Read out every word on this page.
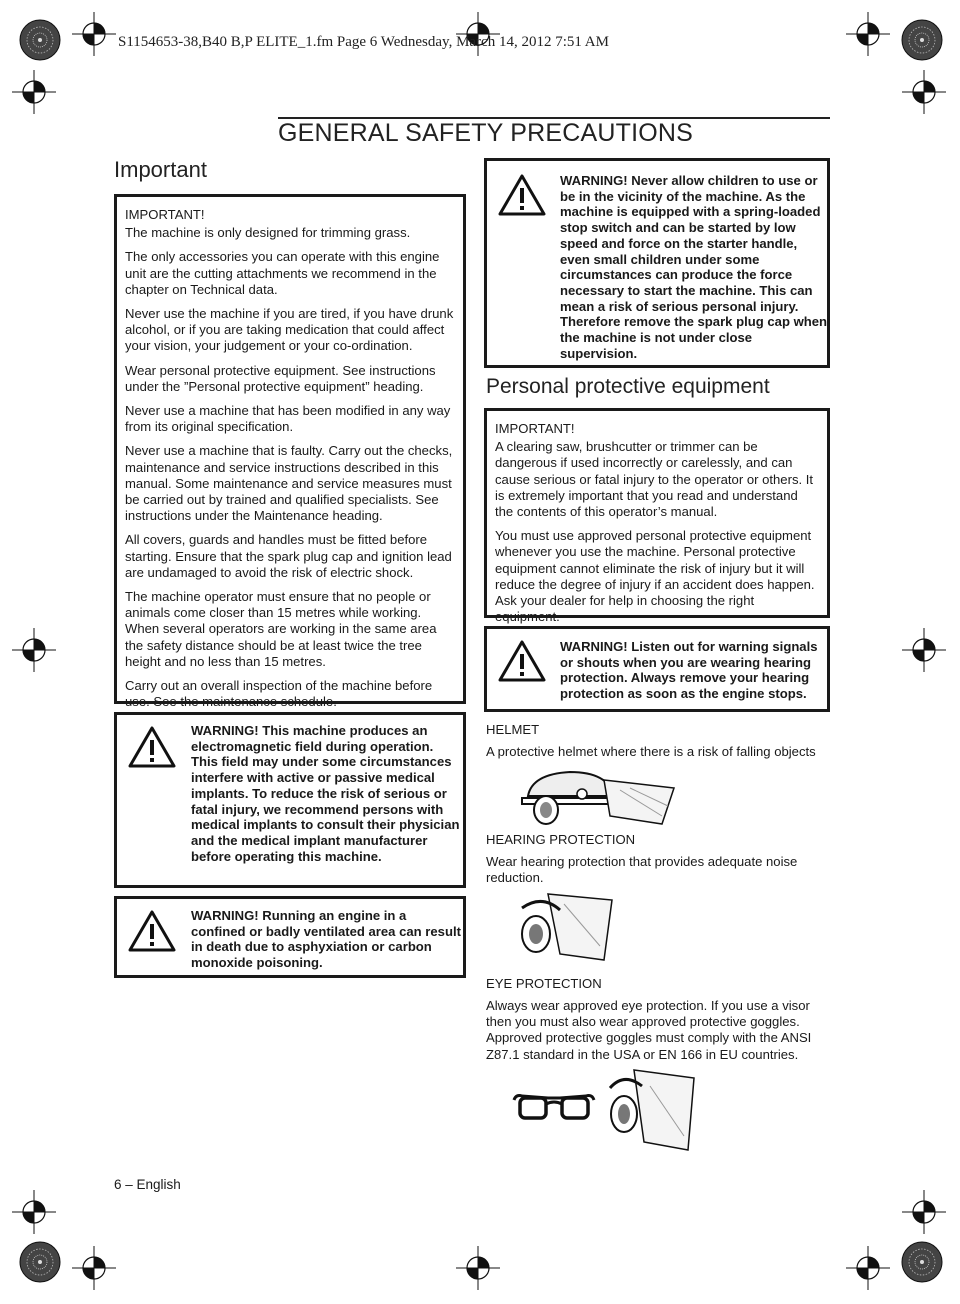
S1154653-38,B40 B,P ELITE_1.fm Page 6 Wednesday, March 14, 2012 7:51 AM
GENERAL SAFETY PRECAUTIONS
Important

IMPORTANT!

The machine is only designed for trimming grass.

The only accessories you can operate with this engine unit are the cutting attachments we recommend in the chapter on Technical data.

Never use the machine if you are tired, if you have drunk alcohol, or if you are taking medication that could affect your vision, your judgement or your co-ordination.

Wear personal protective equipment. See instructions under the ”Personal protective equipment” heading.

Never use a machine that has been modified in any way from its original specification.

Never use a machine that is faulty. Carry out the checks, maintenance and service instructions described in this manual. Some maintenance and service measures must be carried out by trained and qualified specialists. See instructions under the Maintenance heading.

All covers, guards and handles must be fitted before starting. Ensure that the spark plug cap and ignition lead are undamaged to avoid the risk of electric shock.

The machine operator must ensure that no people or animals come closer than 15 metres while working. When several operators are working in the same area the safety distance should be at least twice the tree height and no less than 15 metres.

Carry out an overall inspection of the machine before use. See the maintenance schedule.

WARNING! This machine produces an electromagnetic field during operation. This field may under some circumstances interfere with active or passive medical implants. To reduce the risk of serious or fatal injury, we recommend persons with medical implants to consult their physician and the medical implant manufacturer before operating this machine.
WARNING! Running an engine in a confined or badly ventilated area can result in death due to asphyxiation or carbon monoxide poisoning.
WARNING! Never allow children to use or be in the vicinity of the machine. As the machine is equipped with a spring-loaded stop switch and can be started by low speed and force on the starter handle, even small children under some circumstances can produce the force necessary to start the machine. This can mean a risk of serious personal injury. Therefore remove the spark plug cap when the machine is not under close supervision.
Personal protective equipment

IMPORTANT!

A clearing saw, brushcutter or trimmer can be dangerous if used incorrectly or carelessly, and can cause serious or fatal injury to the operator or others. It is extremely important that you read and understand the contents of this operator’s manual.

You must use approved personal protective equipment whenever you use the machine. Personal protective equipment cannot eliminate the risk of injury but it will reduce the degree of injury if an accident does happen. Ask your dealer for help in choosing the right equipment.

WARNING! Listen out for warning signals or shouts when you are wearing hearing protection. Always remove your hearing protection as soon as the engine stops.
HELMET
A protective helmet where there is a risk of falling objects
HEARING PROTECTION
Wear hearing protection that provides adequate noise reduction.
EYE PROTECTION
Always wear approved eye protection. If you use a visor then you must also wear approved protective goggles. Approved protective goggles must comply with the ANSI Z87.1 standard in the USA or EN 166 in EU countries.
6 – English
